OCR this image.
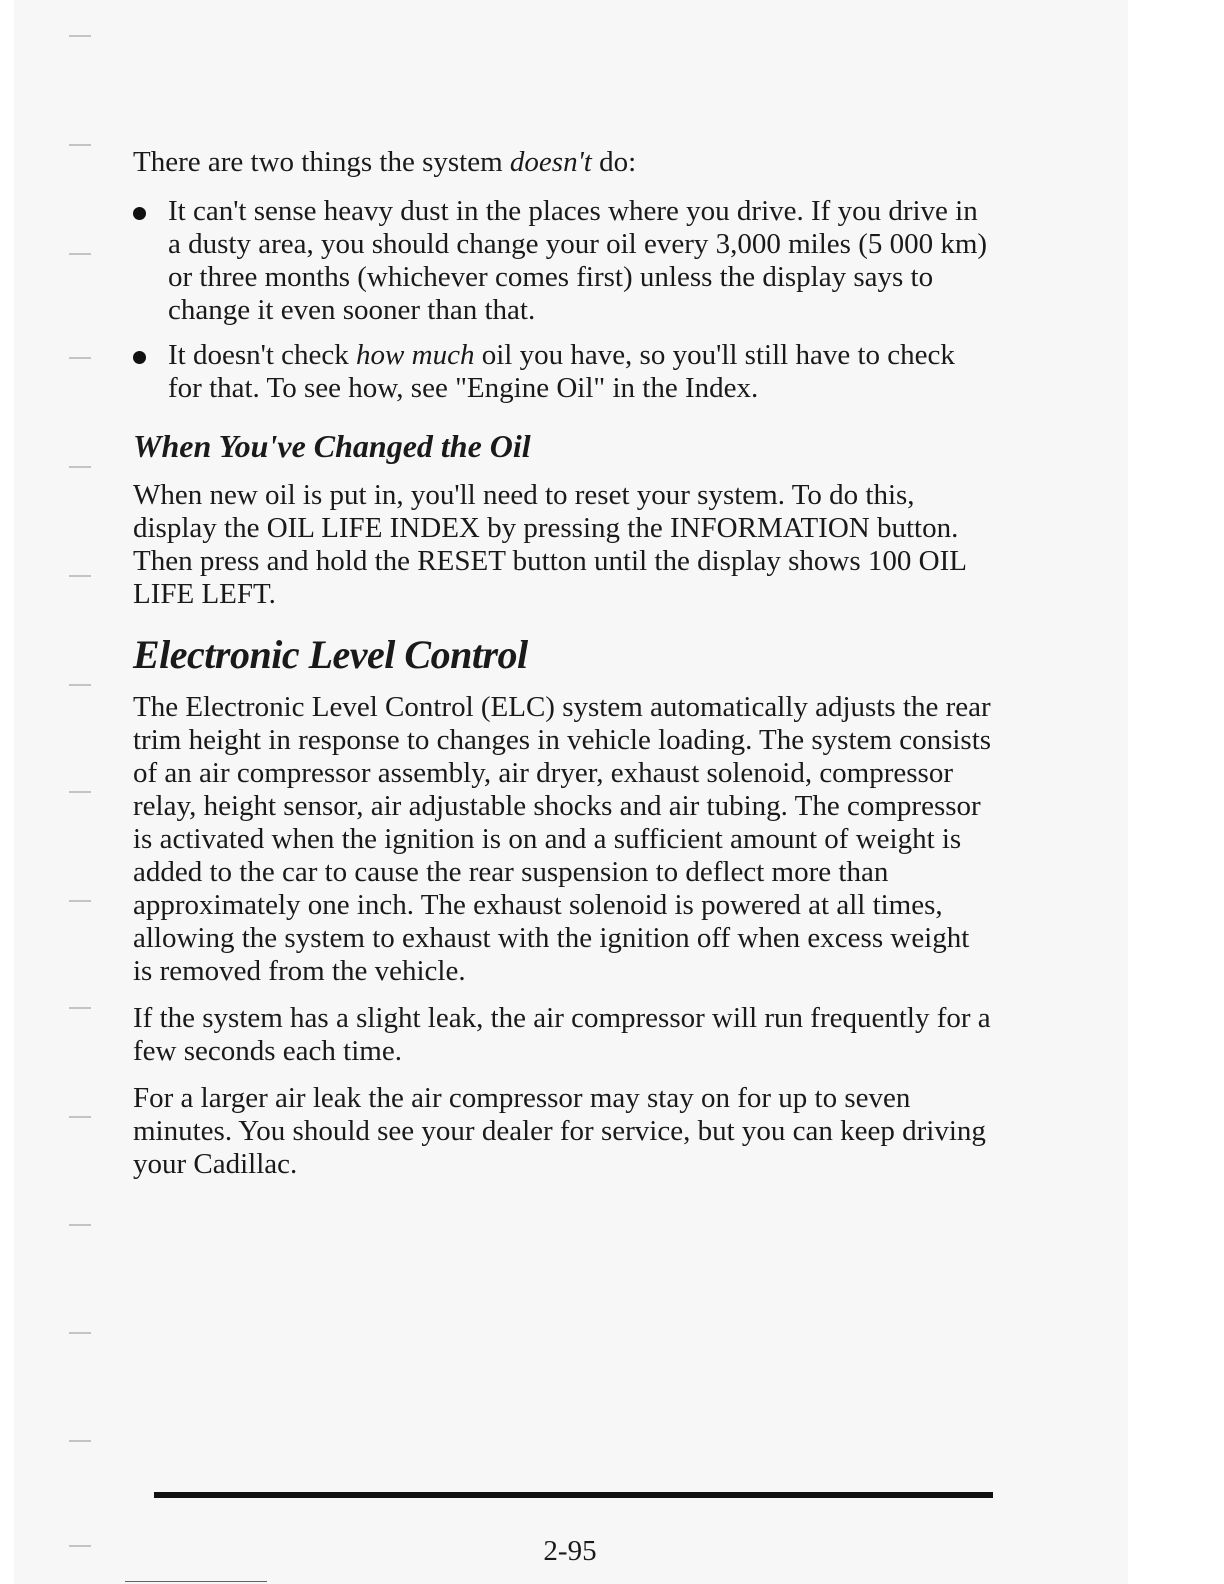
There are two things the system doesn't do:

It can't sense heavy dust in the places where you drive. If you drive in a dusty area, you should change your oil every 3,000 miles (5 000 km) or three months (whichever comes first) unless the display says to change it even sooner than that.
It doesn't check how much oil you have, so you'll still have to check for that. To see how, see "Engine Oil" in the Index.
When You've Changed the Oil

When new oil is put in, you'll need to reset your system. To do this, display the OIL LIFE INDEX by pressing the INFORMATION button. Then press and hold the RESET button until the display shows 100 OIL LIFE LEFT.

Electronic Level Control

The Electronic Level Control (ELC) system automatically adjusts the rear trim height in response to changes in vehicle loading. The system consists of an air compressor assembly, air dryer, exhaust solenoid, compressor relay, height sensor, air adjustable shocks and air tubing. The compressor is activated when the ignition is on and a sufficient amount of weight is added to the car to cause the rear suspension to deflect more than approximately one inch. The exhaust solenoid is powered at all times, allowing the system to exhaust with the ignition off when excess weight is removed from the vehicle.

If the system has a slight leak, the air compressor will run frequently for a few seconds each time.

For a larger air leak the air compressor may stay on for up to seven minutes. You should see your dealer for service, but you can keep driving your Cadillac.

2-95
